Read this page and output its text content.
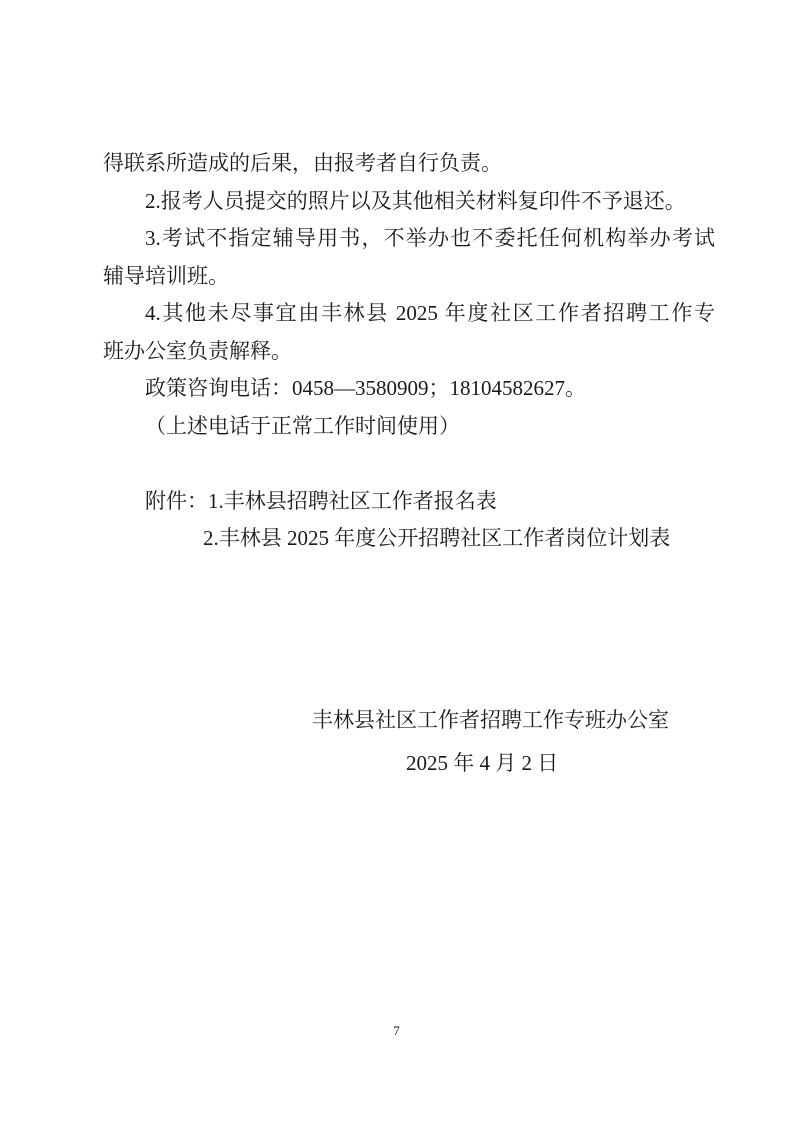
得联系所造成的后果，由报考者自行负责。
2.报考人员提交的照片以及其他相关材料复印件不予退还。
3.考试不指定辅导用书，不举办也不委托任何机构举办考试
辅导培训班。
4.其他未尽事宜由丰林县 2025 年度社区工作者招聘工作专
班办公室负责解释。
政策咨询电话：0458—3580909；18104582627。
（上述电话于正常工作时间使用）
附件：1.丰林县招聘社区工作者报名表
2.丰林县 2025 年度公开招聘社区工作者岗位计划表
丰林县社区工作者招聘工作专班办公室
2025 年 4 月 2 日
7
